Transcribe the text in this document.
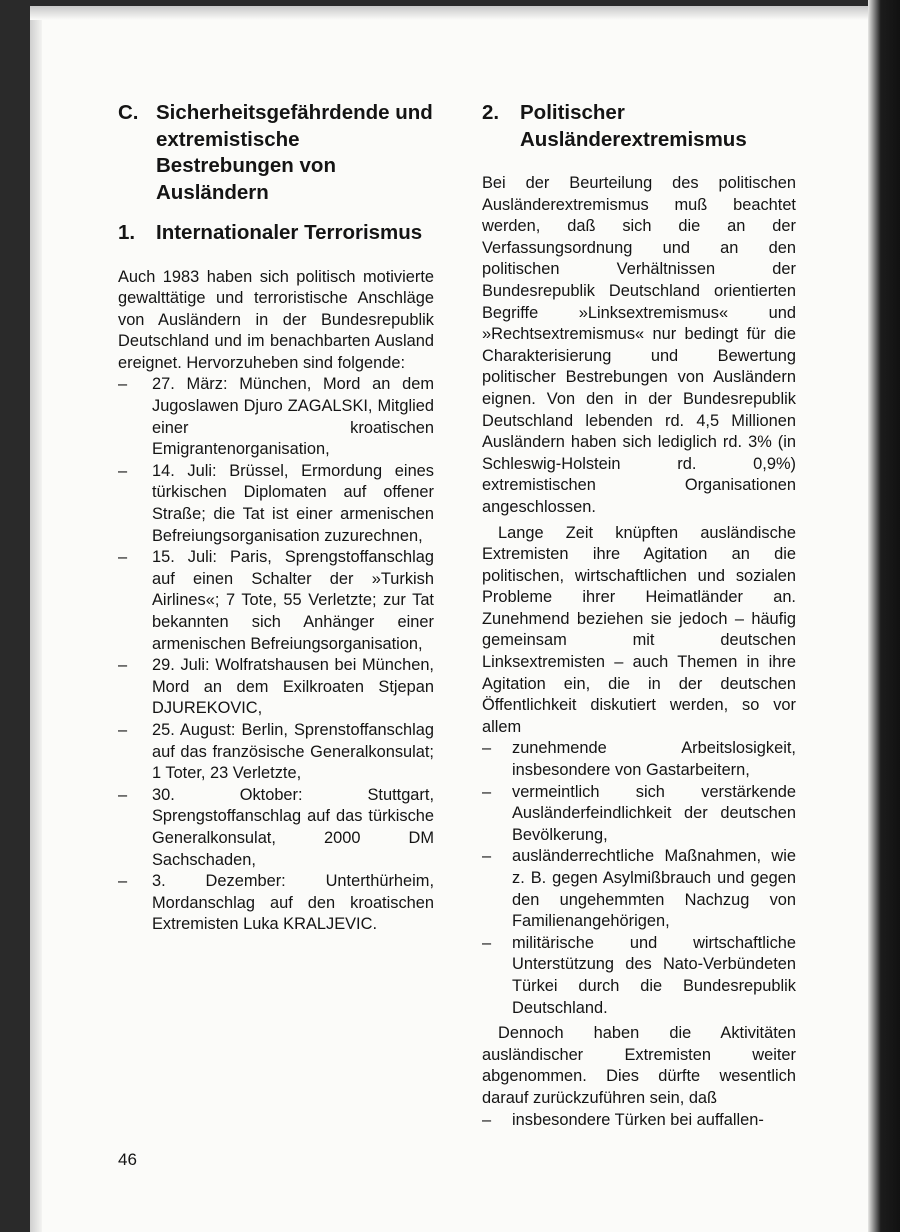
C. Sicherheitsgefährdende und extremistische Bestrebungen von Ausländern
1.	Internationaler Terrorismus

Auch 1983 haben sich politisch motivierte gewalttätige und terroristische Anschläge von Ausländern in der Bundesrepublik Deutschland und im benachbarten Ausland ereignet. Hervorzuheben sind folgende:

–	27. März: München, Mord an dem Jugoslawen Djuro ZAGALSKI, Mitglied einer kroatischen Emigrantenorganisation,
–	14. Juli: Brüssel, Ermordung eines türkischen Diplomaten auf offener Straße; die Tat ist einer armenischen Befreiungsorganisation zuzurechnen,
–	15. Juli: Paris, Sprengstoffanschlag auf einen Schalter der »Turkish Airlines«; 7 Tote, 55 Verletzte; zur Tat bekannten sich Anhänger einer armenischen Befreiungsorganisation,
–	29. Juli: Wolfratshausen bei München, Mord an dem Exilkroaten Stjepan DJUREKOVIC,
–	25. August: Berlin, Sprenstoffanschlag auf das französische Generalkonsulat; 1 Toter, 23 Verletzte,
–	30. Oktober: Stuttgart, Sprengstoffanschlag auf das türkische Generalkonsulat, 2000 DM Sachschaden,
–	3. Dezember: Unterthürheim, Mordanschlag auf den kroatischen Extremisten Luka KRALJEVIC.
2.	Politischer Ausländerextremismus

Bei der Beurteilung des politischen Ausländerextremismus muß beachtet werden, daß sich die an der Verfassungsordnung und an den politischen Verhältnissen der Bundesrepublik Deutschland orientierten Begriffe »Linksextremismus« und »Rechtsextremismus« nur bedingt für die Charakterisierung und Bewertung politischer Bestrebungen von Ausländern eignen. Von den in der Bundesrepublik Deutschland lebenden rd. 4,5 Millionen Ausländern haben sich lediglich rd. 3% (in Schleswig-Holstein rd. 0,9%) extremistischen Organisationen angeschlossen.

Lange Zeit knüpften ausländische Extremisten ihre Agitation an die politischen, wirtschaftlichen und sozialen Probleme ihrer Heimatländer an. Zunehmend beziehen sie jedoch – häufig gemeinsam mit deutschen Linksextremisten – auch Themen in ihre Agitation ein, die in der deutschen Öffentlichkeit diskutiert werden, so vor allem

–	zunehmende Arbeitslosigkeit, insbesondere von Gastarbeitern,
–	vermeintlich sich verstärkende Ausländerfeindlichkeit der deutschen Bevölkerung,
–	ausländerrechtliche Maßnahmen, wie z. B. gegen Asylmißbrauch und gegen den ungehemmten Nachzug von Familienangehörigen,
–	militärische und wirtschaftliche Unterstützung des Nato-Verbündeten Türkei durch die Bundesrepublik Deutschland.

Dennoch haben die Aktivitäten ausländischer Extremisten weiter abgenommen. Dies dürfte wesentlich darauf zurückzuführen sein, daß

–	insbesondere Türken bei auffallen-
46
